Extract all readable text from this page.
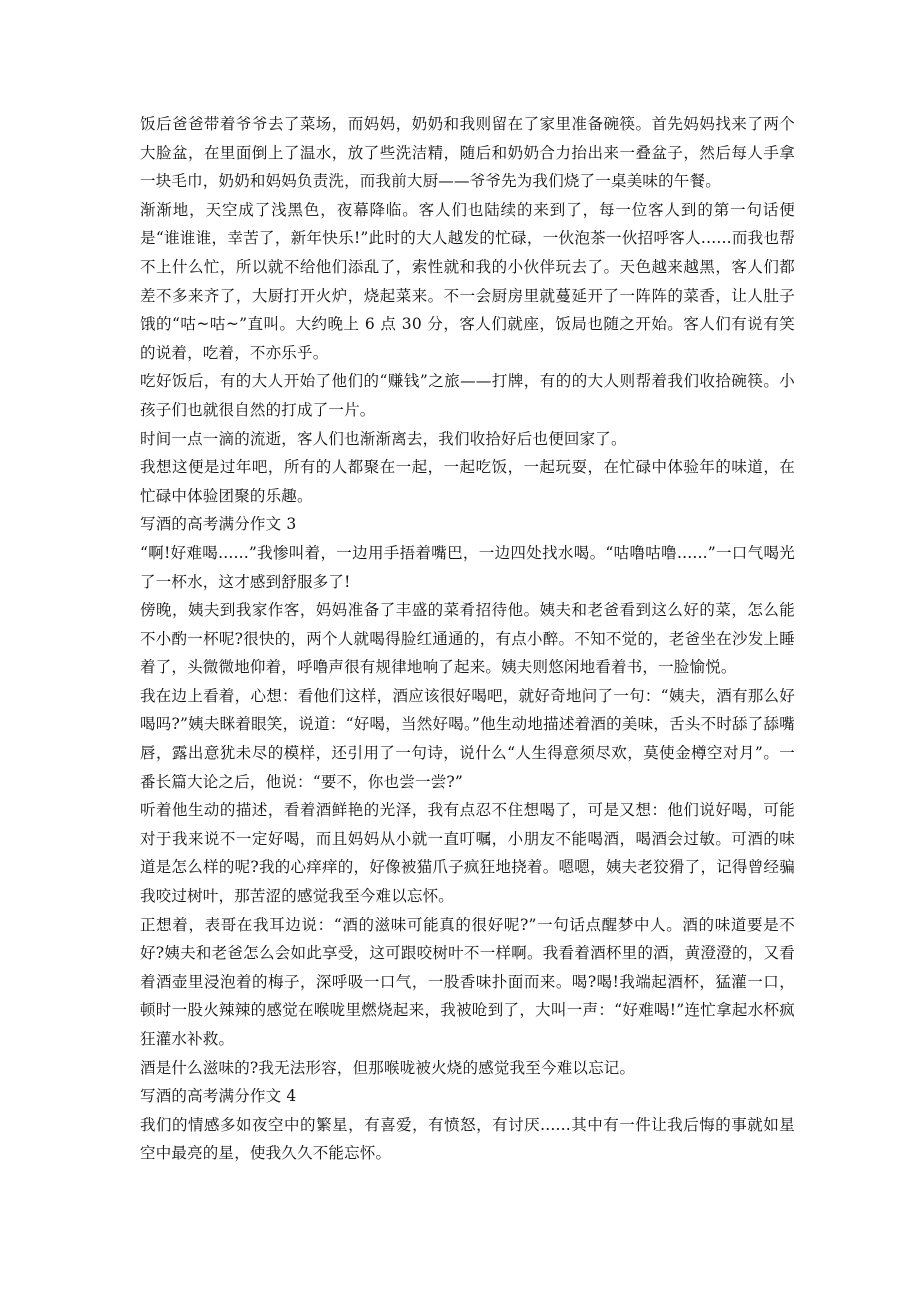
饭后爸爸带着爷爷去了菜场，而妈妈，奶奶和我则留在了家里准备碗筷。首先妈妈找来了两个大脸盆，在里面倒上了温水，放了些洗洁精，随后和奶奶合力抬出来一叠盆子，然后每人手拿一块毛巾，奶奶和妈妈负责洗，而我前大厨——爷爷先为我们烧了一桌美味的午餐。

渐渐地，天空成了浅黑色，夜幕降临。客人们也陆续的来到了，每一位客人到的第一句话便是“谁谁谁，幸苦了，新年快乐!”此时的大人越发的忙碌，一伙泡茶一伙招呼客人......而我也帮不上什么忙，所以就不给他们添乱了，索性就和我的小伙伴玩去了。天色越来越黑，客人们都差不多来齐了，大厨打开火炉，烧起菜来。不一会厨房里就蔓延开了一阵阵的菜香，让人肚子饿的“咕~咕~”直叫。大约晚上 6 点 30 分，客人们就座，饭局也随之开始。客人们有说有笑的说着，吃着，不亦乐乎。

吃好饭后，有的大人开始了他们的“赚钱”之旅——打牌，有的的大人则帮着我们收拾碗筷。小孩子们也就很自然的打成了一片。

时间一点一滴的流逝，客人们也渐渐离去，我们收拾好后也便回家了。

我想这便是过年吧，所有的人都聚在一起，一起吃饭，一起玩耍，在忙碌中体验年的味道，在忙碌中体验团聚的乐趣。

写酒的高考满分作文 3

“啊!好难喝......”我惨叫着，一边用手捂着嘴巴，一边四处找水喝。“咕噜咕噜......”一口气喝光了一杯水，这才感到舒服多了!

傍晚，姨夫到我家作客，妈妈准备了丰盛的菜肴招待他。姨夫和老爸看到这么好的菜，怎么能不小酌一杯呢?很快的，两个人就喝得脸红通通的，有点小醉。不知不觉的，老爸坐在沙发上睡着了，头微微地仰着，呼噜声很有规律地响了起来。姨夫则悠闲地看着书，一脸愉悦。

我在边上看着，心想：看他们这样，酒应该很好喝吧，就好奇地问了一句：“姨夫，酒有那么好喝吗?”姨夫眯着眼笑，说道：“好喝，当然好喝。”他生动地描述着酒的美味，舌头不时舔了舔嘴唇，露出意犹未尽的模样，还引用了一句诗，说什么“人生得意须尽欢，莫使金樽空对月”。一番长篇大论之后，他说：“要不，你也尝一尝?”

听着他生动的描述，看着酒鲜艳的光泽，我有点忍不住想喝了，可是又想：他们说好喝，可能对于我来说不一定好喝，而且妈妈从小就一直叮嘱，小朋友不能喝酒，喝酒会过敏。可酒的味道是怎么样的呢?我的心痒痒的，好像被猫爪子疯狂地挠着。嗯嗯，姨夫老狡猾了，记得曾经骗我咬过树叶，那苦涩的感觉我至今难以忘怀。

正想着，表哥在我耳边说：“酒的滋味可能真的很好呢?”一句话点醒梦中人。酒的味道要是不好?姨夫和老爸怎么会如此享受，这可跟咬树叶不一样啊。我看着酒杯里的酒，黄澄澄的，又看着酒壶里浸泡着的梅子，深呼吸一口气，一股香味扑面而来。喝?喝!我端起酒杯，猛灌一口，顿时一股火辣辣的感觉在喉咙里燃烧起来，我被呛到了，大叫一声：“好难喝!”连忙拿起水杯疯狂灌水补救。

酒是什么滋味的?我无法形容，但那喉咙被火烧的感觉我至今难以忘记。

写酒的高考满分作文 4

我们的情感多如夜空中的繁星，有喜爱，有愤怒，有讨厌......其中有一件让我后悔的事就如星空中最亮的星，使我久久不能忘怀。
